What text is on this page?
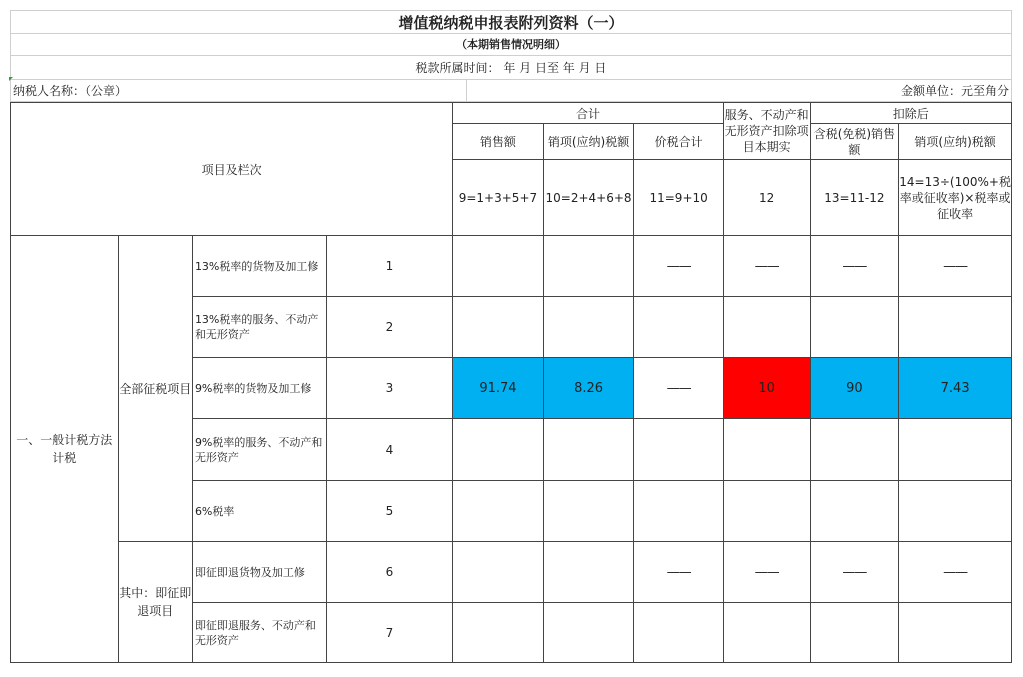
增值税纳税申报表附列资料（一）
（本期销售情况明细）
税款所属时间： 年 月 日至 年 月 日
纳税人名称：（公章）	金额单位：元至角分
项目及栏次				合计			服务、不动产和无形资产扣除项目本期实	扣除后	
				销售额	销项(应纳)税额	价税合计		含税(免税)销售额	销项(应纳)税额
				9=1+3+5+7	10=2+4+6+8	11=9+10	12	13=11-12	14=13÷(100%+税率或征收率)×税率或征收率
一、一般计税方法计税	全部征税项目	13%税率的货物及加工修	1			——	——	——	——
		13%税率的服务、不动产和无形资产	2						
		9%税率的货物及加工修	3	91.74	8.26	——	10	90	7.43
		9%税率的服务、不动产和无形资产	4						
		6%税率	5						
	其中：即征即退项目	即征即退货物及加工修	6			——	——	——	——
		即征即退服务、不动产和无形资产	7						
